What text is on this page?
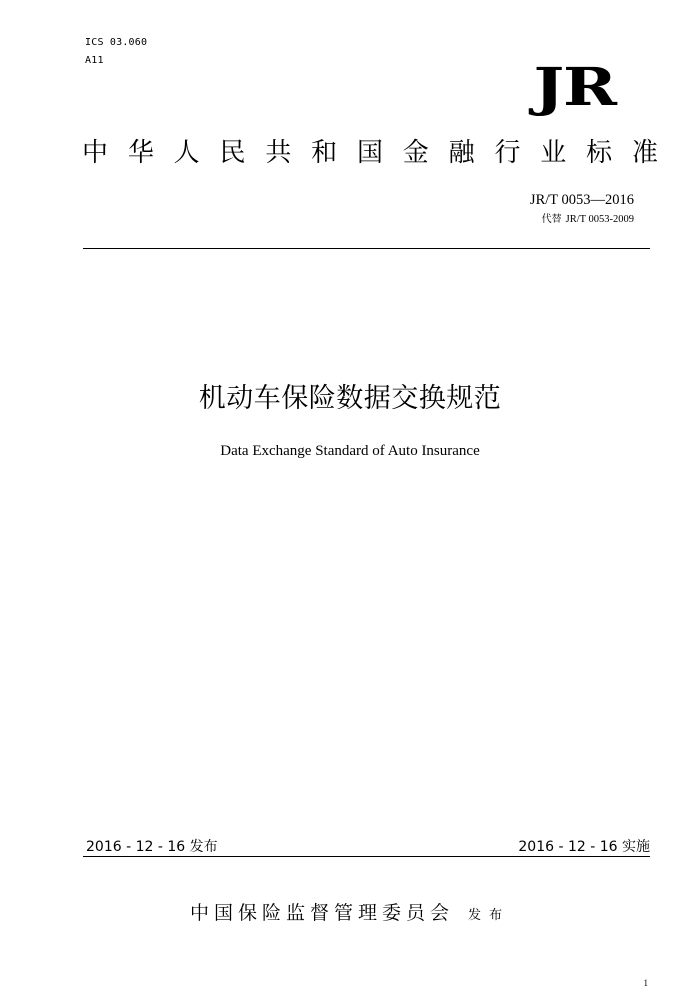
ICS 03.060
A11	JR
中 华 人 民 共 和 国 金 融 行 业 标 准
JR/T 0053—2016
代替 JR/T 0053-2009
机动车保险数据交换规范
Data Exchange Standard of Auto Insurance
2016 - 12 - 16 发布	2016 - 12 - 16 实施
中国保险监督管理委员会 发布
1
